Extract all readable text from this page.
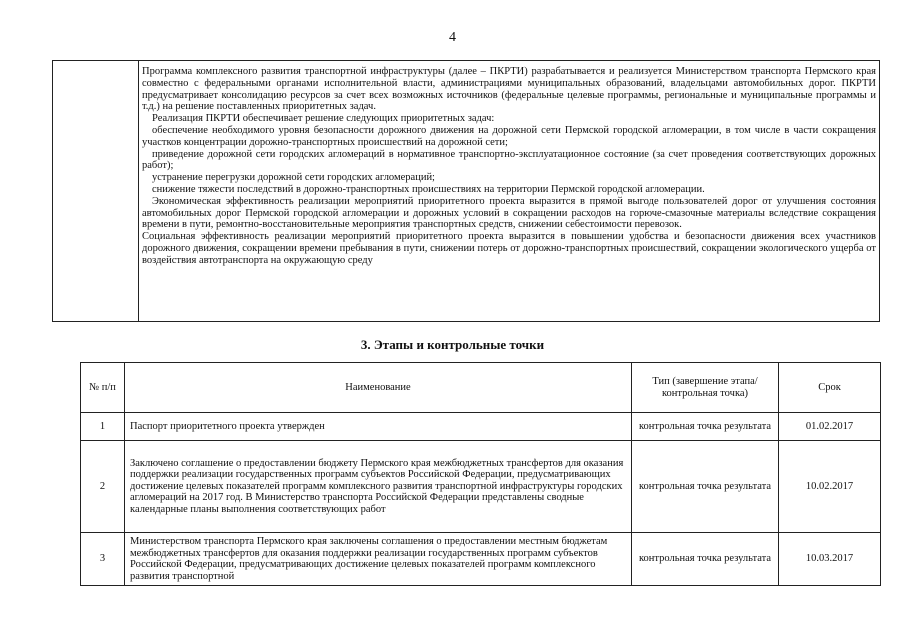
4

Программа комплексного развития транспортной инфраструктуры (далее – ПКРТИ) разрабатывается и реализуется Министерством транспорта Пермского края совместно с федеральными органами исполнительной власти, администрациями муниципальных образований, владельцами автомобильных дорог. ПКРТИ предусматривает консолидацию ресурсов за счет всех возможных источников (федеральные целевые программы, региональные и муниципальные программы и т.д.) на решение поставленных приоритетных задач.

Реализация ПКРТИ обеспечивает решение следующих приоритетных задач:

обеспечение необходимого уровня безопасности дорожного движения на дорожной сети Пермской городской агломерации, в том числе в части сокращения участков концентрации дорожно-транспортных происшествий на дорожной сети;

приведение дорожной сети городских агломераций в нормативное транспортно-эксплуатационное состояние (за счет проведения соответствующих дорожных работ);

устранение перегрузки дорожной сети городских агломераций;

снижение тяжести последствий в дорожно-транспортных происшествиях на территории Пермской городской агломерации.

Экономическая эффективность реализации мероприятий приоритетного проекта выразится в прямой выгоде пользователей дорог от улучшения состояния автомобильных дорог Пермской городской агломерации и дорожных условий в сокращении расходов на горюче-смазочные материалы вследствие сокращения времени в пути, ремонтно-восстановительные мероприятия транспортных средств, снижении себестоимости перевозок.

Социальная эффективность реализации мероприятий приоритетного проекта выразится в повышении удобства и безопасности движения всех участников дорожного движения, сокращении времени пребывания в пути, снижении потерь от дорожно-транспортных происшествий, сокращении экологического ущерба от воздействия автотранспорта на окружающую среду

3. Этапы и контрольные точки
№ п/п	Наименование	Тип (завершение этапа/контрольная точка)	Срок
1	Паспорт приоритетного проекта утвержден	контрольная точка результата	01.02.2017
2	Заключено соглашение о предоставлении бюджету Пермского края межбюджетных трансфертов для оказания поддержки реализации государственных программ субъектов Российской Федерации, предусматривающих достижение целевых показателей программ комплексного развития транспортной инфраструктуры городских агломераций на 2017 год. В Министерство транспорта Российской Федерации представлены сводные календарные планы выполнения соответствующих работ	контрольная точка результата	10.02.2017
3	Министерством транспорта Пермского края заключены соглашения о предоставлении местным бюджетам межбюджетных трансфертов для оказания поддержки реализации государственных программ субъектов Российской Федерации, предусматривающих достижение целевых показателей программ комплексного развития транспортной	контрольная точка результата	10.03.2017
